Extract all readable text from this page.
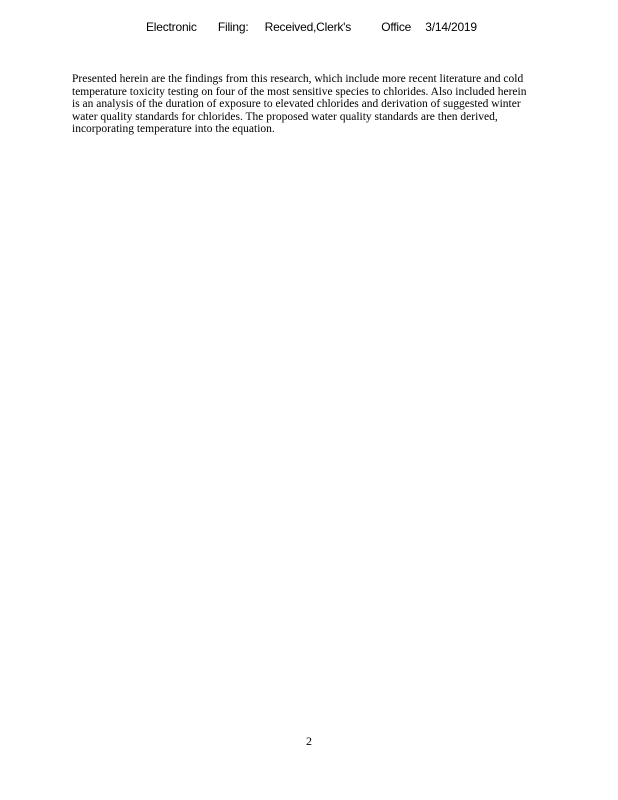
Electronic Filing: Received,Clerk's	Office 3/14/2019

Presented herein are the findings from this research, which include more recent literature and cold
temperature toxicity testing on four of the most sensitive species to chlorides. Also included herein
is an analysis of the duration of exposure to elevated chlorides and derivation of suggested winter
water quality standards for chlorides. The proposed water quality standards are then derived,
incorporating temperature into the equation.

2
